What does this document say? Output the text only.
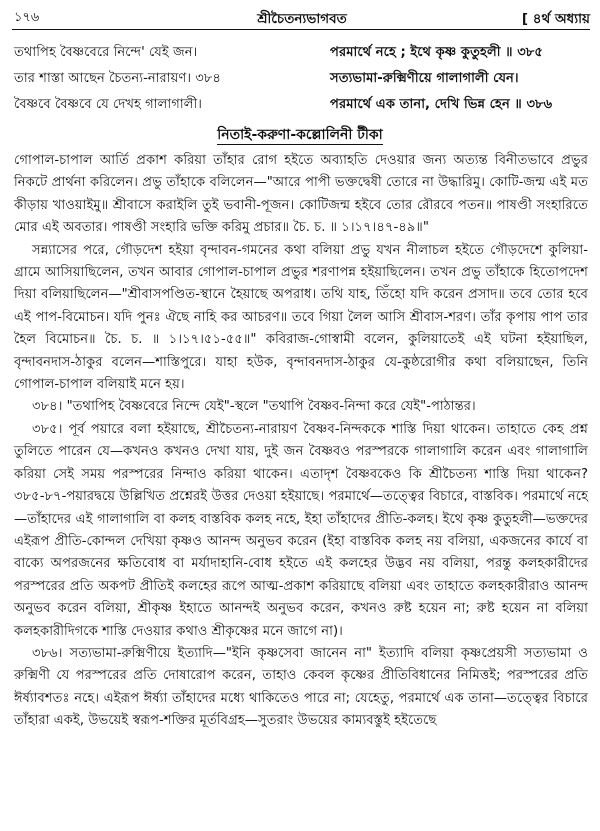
১৭৬	শ্রীচৈতন্যভাগবত	[ ৪র্থ অধ্যায়
তথাপিহ বৈষ্ণবেরে নিন্দে' যেই জন।	পরমার্থে নহে ; ইথে কৃষ্ণ কুতুহলী ॥ ৩৮৫
তার শাস্তা আছেন চৈতন্য-নারায়ণ। ৩৮৪	সত্যভামা-রুক্মিণীয়ে গালাগালী যেন।
বৈষ্ণবে বৈষ্ণবে যে দেখহ গালাগালী।	পরমার্থে এক তানা, দেখি ভিন্ন হেন ॥ ৩৮৬
নিতাই-করুণা-কল্লোলিনী টীকা

গোপাল-চাপাল আর্তি প্রকাশ করিয়া তাঁহার রোগ হইতে অব্যাহতি দেওয়ার জন্য অত্যন্ত বিনীতভাবে প্রভুর নিকটে প্রার্থনা করিলেন। প্রভু তাঁহাকে বলিলেন—"আরে পাপী ভক্তদ্বেষী তোরে না উদ্ধারিমু। কোটি-জন্ম এই মত কীড়ায় খাওয়াইমু॥ শ্রীবাসে করাইলি তুই ভবানী-পূজন। কোটিজন্ম হইবে তোর রৌরবে পতন॥ পাষণ্ডী সংহারিতে মোর এই অবতার। পাষণ্ডী সংহারি ভক্তি করিমু প্রচার॥ চৈ. চ. ॥ ১।১৭।৪৭-৪৯॥"

সন্ন্যাসের পরে, গৌড়দেশ হইয়া বৃন্দাবন-গমনের কথা বলিয়া প্রভু যখন নীলাচল হইতে গৌড়দেশে কুলিয়া-গ্রামে আসিয়াছিলেন, তখন আবার গোপাল-চাপাল প্রভুর শরণাপন্ন হইয়াছিলেন। তখন প্রভু তাঁহাকে হিতোপদেশ দিয়া বলিয়াছিলেন—"শ্রীবাসপণ্ডিত-স্থানে হৈয়াছে অপরাধ। তথি যাহ, তিঁহো যদি করেন প্রসাদ॥ তবে তোর হবে এই পাপ-বিমোচন। যদি পুনঃ ঐছে নাহি কর আচরণ॥ তবে গিয়া লৈল আসি শ্রীবাস-শরণ। তাঁর কৃপায় পাপ তার হৈল বিমোচন॥ চৈ. চ. ॥ ১।১৭।৫১-৫৫॥" কবিরাজ-গোস্বামী বলেন, কুলিয়াতেই এই ঘটনা হইয়াছিল, বৃন্দাবনদাস-ঠাকুর বলেন—শাস্তিপুরে। যাহা হউক, বৃন্দাবনদাস-ঠাকুর যে-কুষ্ঠরোগীর কথা বলিয়াছেন, তিনি গোপাল-চাপাল বলিয়াই মনে হয়।

৩৮৪। "তথাপিহ বৈষ্ণবেরে নিন্দে যেই"-স্থলে "তথাপি বৈষ্ণব-নিন্দা করে যেই"-পাঠান্তর।

৩৮৫। পূর্ব পয়ারে বলা হইয়াছে, শ্রীচৈতন্য-নারায়ণ বৈষ্ণব-নিন্দককে শাস্তি দিয়া থাকেন। তাহাতে কেহ প্রশ্ন তুলিতে পারেন যে—কখনও কখনও দেখা যায়, দুই জন বৈষ্ণবও পরস্পরকে গালাগালি করেন এবং গালাগালি করিয়া সেই সময় পরস্পরের নিন্দাও করিয়া থাকেন। এতাদৃশ বৈষ্ণবকেও কি শ্রীচৈতন্য শাস্তি দিয়া থাকেন? ৩৮৫-৮৭-পয়ারদ্বয়ে উল্লিখিত প্রশ্নেরই উত্তর দেওয়া হইয়াছে। পরমার্থে—তত্ত্বের বিচারে, বাস্তবিক। পরমার্থে নহে—তাঁহাদের এই গালাগালি বা কলহ বাস্তবিক কলহ নহে, ইহা তাঁহাদের প্রীতি-কলহ। ইথে কৃষ্ণ কুতুহলী—ভক্তদের এইরূপ প্রীতি-কোন্দল দেখিয়া কৃষ্ণও আনন্দ অনুভব করেন (ইহা বাস্তবিক কলহ নয় বলিয়া, একজনের কার্যে বা বাক্যে অপরজনের ক্ষতিবোধ বা মর্যাদাহানি-বোধ হইতে এই কলহের উদ্ভব নয় বলিয়া, পরন্তু কলহকারীদের পরস্পরের প্রতি অকপট প্রীতিই কলহের রূপে আত্ম-প্রকাশ করিয়াছে বলিয়া এবং তাহাতে কলহকারীরাও আনন্দ অনুভব করেন বলিয়া, শ্রীকৃষ্ণ ইহাতে আনন্দই অনুভব করেন, কখনও রুষ্ট হয়েন না; রুষ্ট হয়েন না বলিয়া কলহকারীদিগকে শাস্তি দেওয়ার কথাও শ্রীকৃষ্ণের মনে জাগে না)।

৩৮৬। সত্যভামা-রুক্মিণীয়ে ইত্যাদি—"ইনি কৃষ্ণসেবা জানেন না" ইত্যাদি বলিয়া কৃষ্ণপ্রেয়সী সত্যভামা ও রুক্মিণী যে পরস্পরের প্রতি দোষারোপ করেন, তাহাও কেবল কৃষ্ণের প্রীতিবিধানের নিমিত্তই; পরস্পরের প্রতি ঈর্ষ্যাবশতঃ নহে। এইরূপ ঈর্ষ্যা তাঁহাদের মধ্যে থাকিতেও পারে না; যেহেতু, পরমার্থে এক তানা—তত্ত্বের বিচারে তাঁহারা একই, উভয়েই স্বরূপ-শক্তির মূর্তবিগ্রহ—সুতরাং উভয়ের কাম্যবস্তুই হইতেছে
